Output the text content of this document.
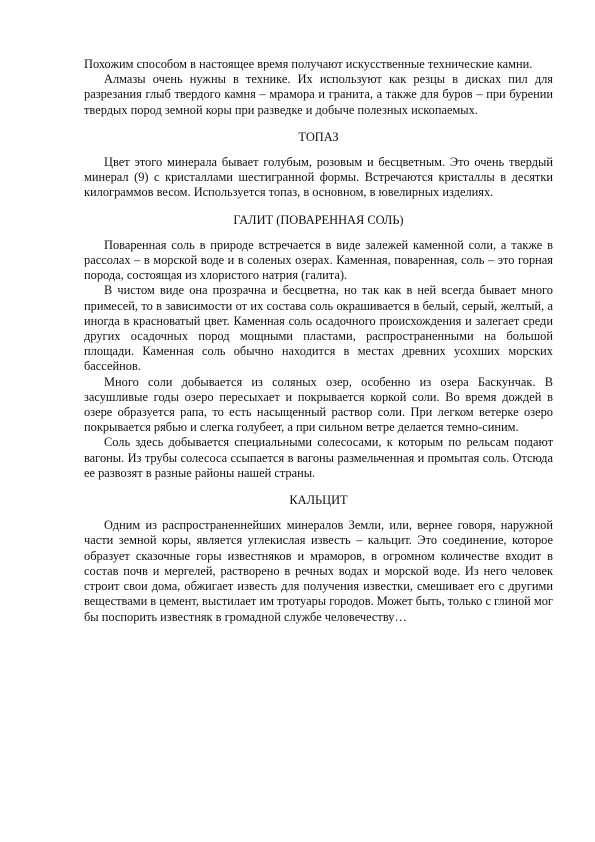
Похожим способом в настоящее время получают искусственные технические камни.

Алмазы очень нужны в технике. Их используют как резцы в дисках пил для разрезания глыб твердого камня – мрамора и гранита, а также для буров – при бурении твердых пород земной коры при разведке и добыче полезных ископаемых.

ТОПАЗ

Цвет этого минерала бывает голубым, розовым и бесцветным. Это очень твердый минерал (9) с кристаллами шестигранной формы. Встречаются кристаллы в десятки килограммов весом. Используется топаз, в основном, в ювелирных изделиях.

ГАЛИТ (ПОВАРЕННАЯ СОЛЬ)

Поваренная соль в природе встречается в виде залежей каменной соли, а также в рассолах – в морской воде и в соленых озерах. Каменная, поваренная, соль – это горная порода, состоящая из хлористого натрия (галита).

В чистом виде она прозрачна и бесцветна, но так как в ней всегда бывает много примесей, то в зависимости от их состава соль окрашивается в белый, серый, желтый, а иногда в красноватый цвет. Каменная соль осадочного происхождения и залегает среди других осадочных пород мощными пластами, распространенными на большой площади. Каменная соль обычно находится в местах древних усохших морских бассейнов.

Много соли добывается из соляных озер, особенно из озера Баскунчак. В засушливые годы озеро пересыхает и покрывается коркой соли. Во время дождей в озере образуется рапа, то есть насыщенный раствор соли. При легком ветерке озеро покрывается рябью и слегка голубеет, а при сильном ветре делается темно-синим.

Соль здесь добывается специальными солесосами, к которым по рельсам подают вагоны. Из трубы солесоса ссыпается в вагоны размельченная и промытая соль. Отсюда ее развозят в разные районы нашей страны.

КАЛЬЦИТ

Одним из распространеннейших минералов Земли, или, вернее говоря, наружной части земной коры, является углекислая известь – кальцит. Это соединение, которое образует сказочные горы известняков и мраморов, в огромном количестве входит в состав почв и мергелей, растворено в речных водах и морской воде. Из него человек строит свои дома, обжигает известь для получения известки, смешивает его с другими веществами в цемент, выстилает им тротуары городов. Может быть, только с глиной мог бы поспорить известняк в громадной службе человечеству…
